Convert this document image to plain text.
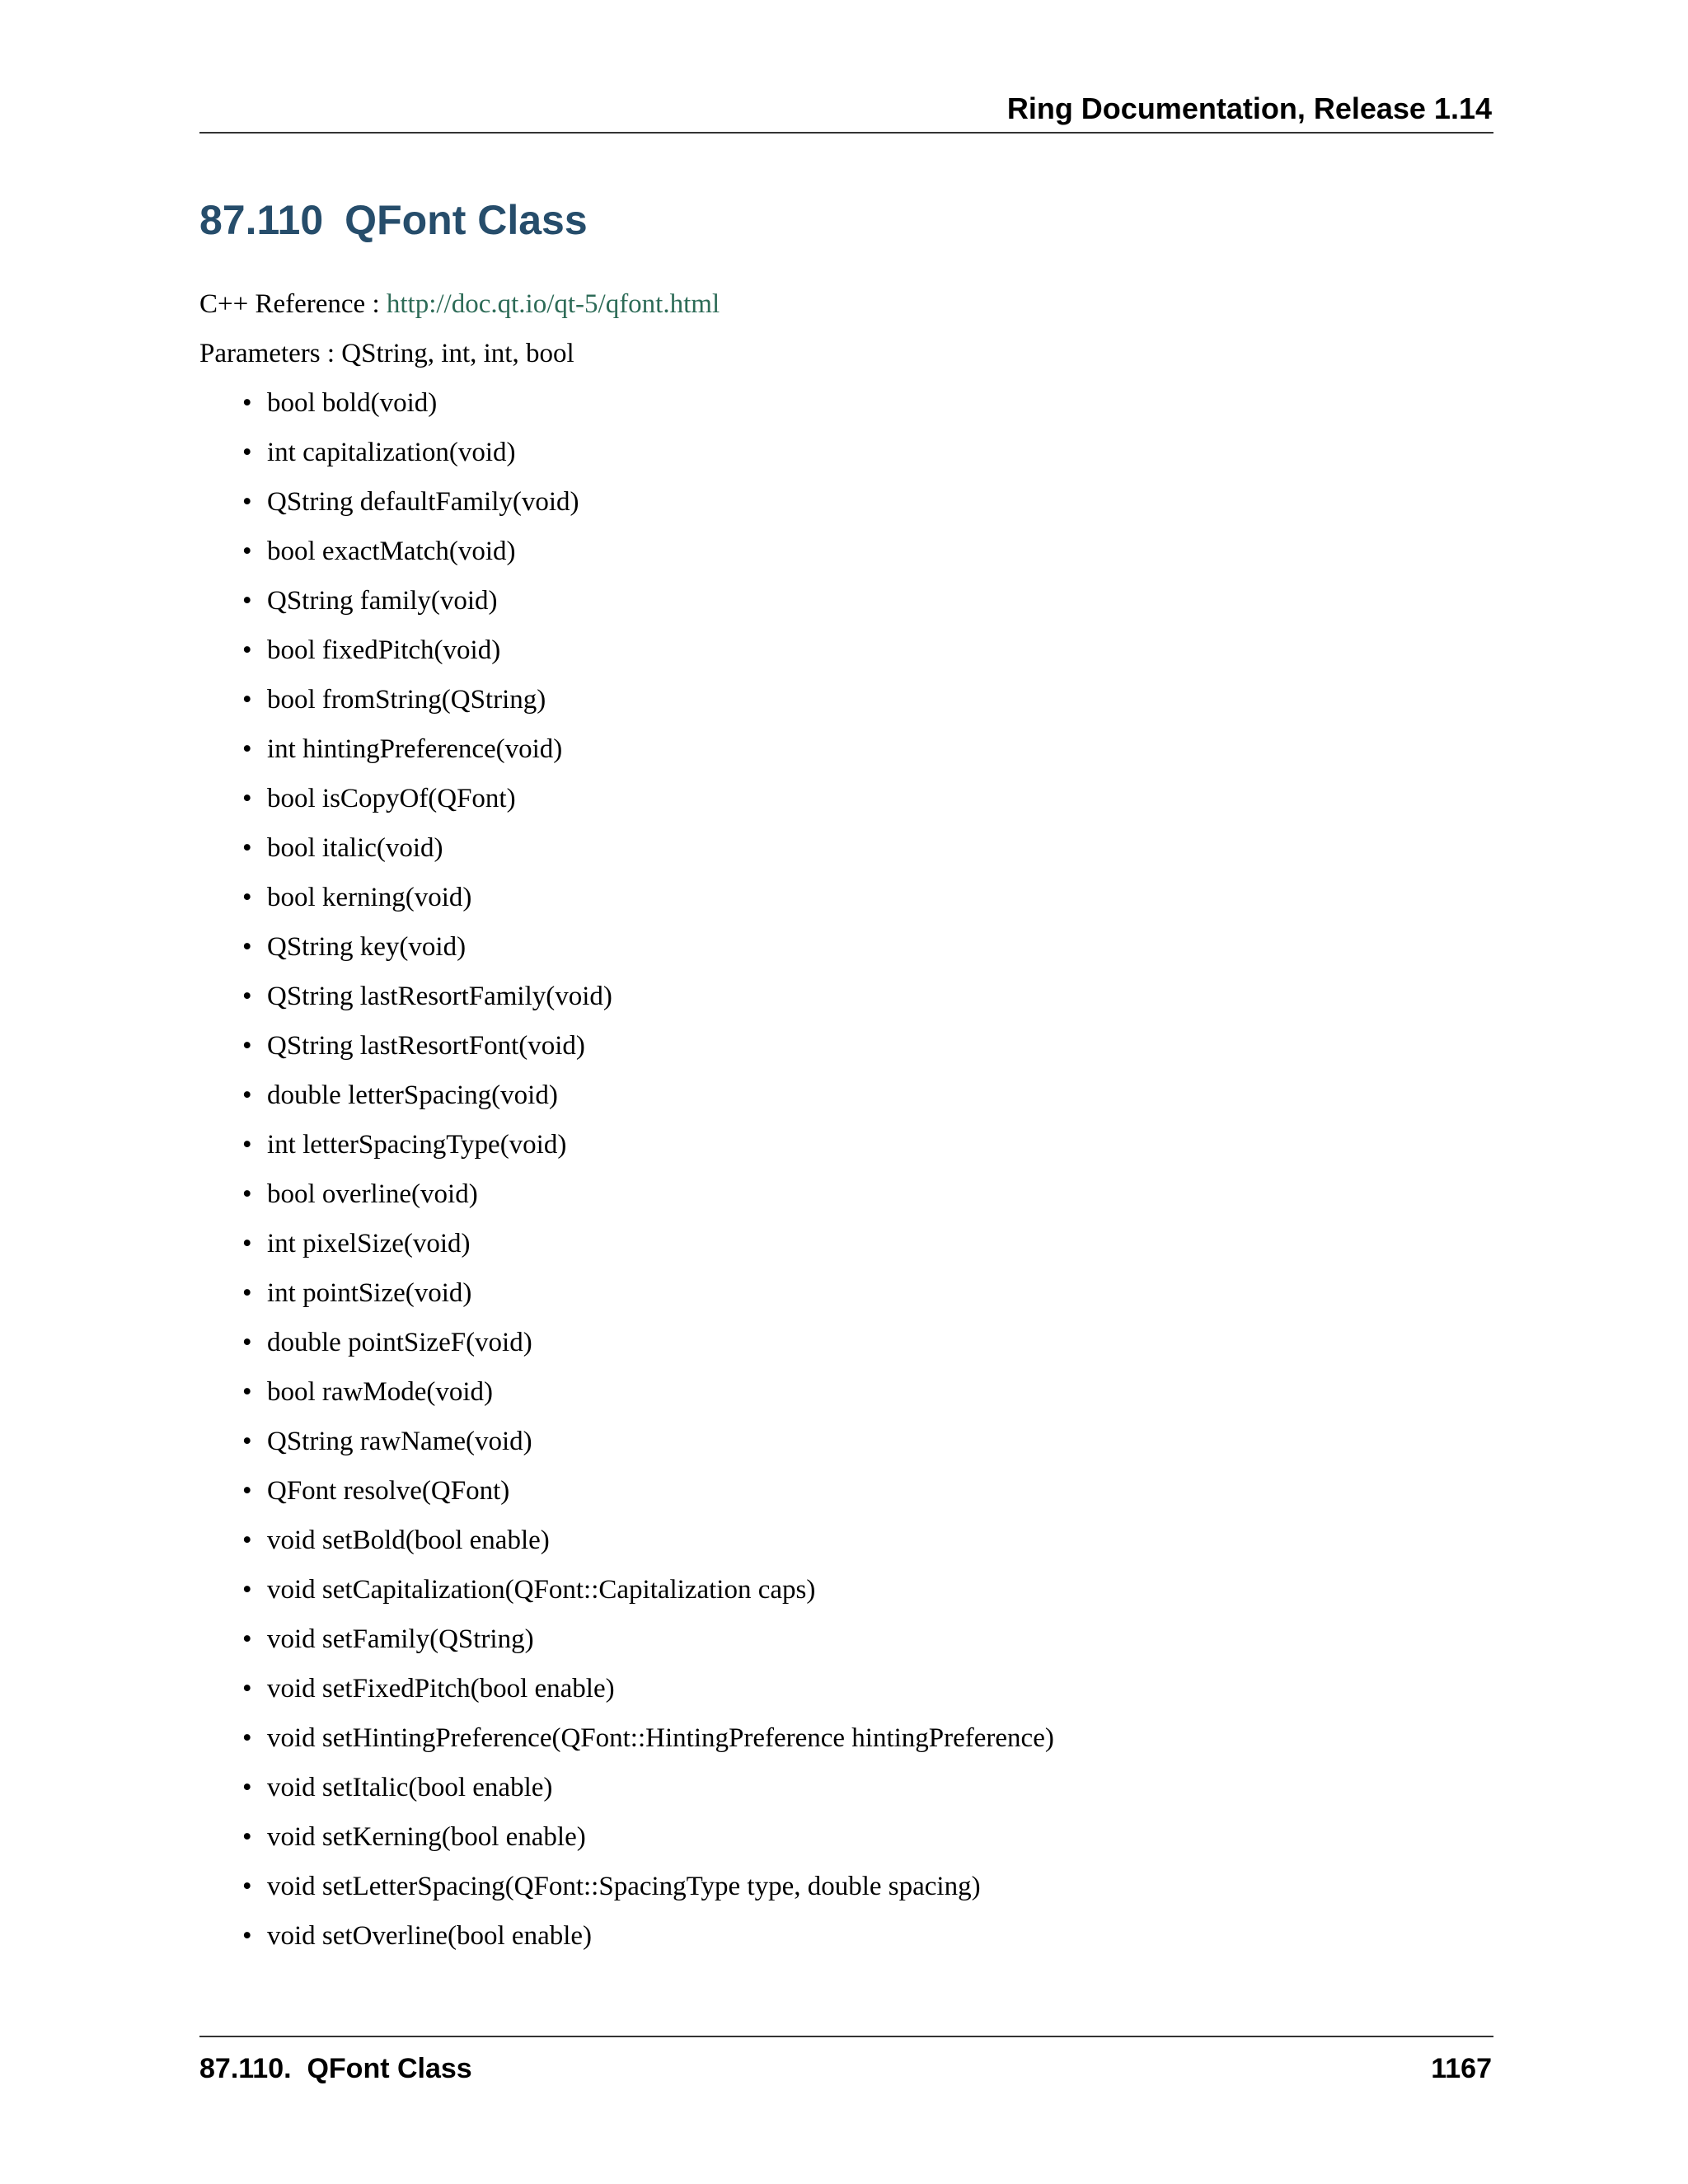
Ring Documentation, Release 1.14
87.110 QFont Class
C++ Reference : http://doc.qt.io/qt-5/qfont.html
Parameters : QString, int, int, bool
• bool bold(void)
• int capitalization(void)
• QString defaultFamily(void)
• bool exactMatch(void)
• QString family(void)
• bool fixedPitch(void)
• bool fromString(QString)
• int hintingPreference(void)
• bool isCopyOf(QFont)
• bool italic(void)
• bool kerning(void)
• QString key(void)
• QString lastResortFamily(void)
• QString lastResortFont(void)
• double letterSpacing(void)
• int letterSpacingType(void)
• bool overline(void)
• int pixelSize(void)
• int pointSize(void)
• double pointSizeF(void)
• bool rawMode(void)
• QString rawName(void)
• QFont resolve(QFont)
• void setBold(bool enable)
• void setCapitalization(QFont::Capitalization caps)
• void setFamily(QString)
• void setFixedPitch(bool enable)
• void setHintingPreference(QFont::HintingPreference hintingPreference)
• void setItalic(bool enable)
• void setKerning(bool enable)
• void setLetterSpacing(QFont::SpacingType type, double spacing)
• void setOverline(bool enable)
87.110.  QFont Class	1167
